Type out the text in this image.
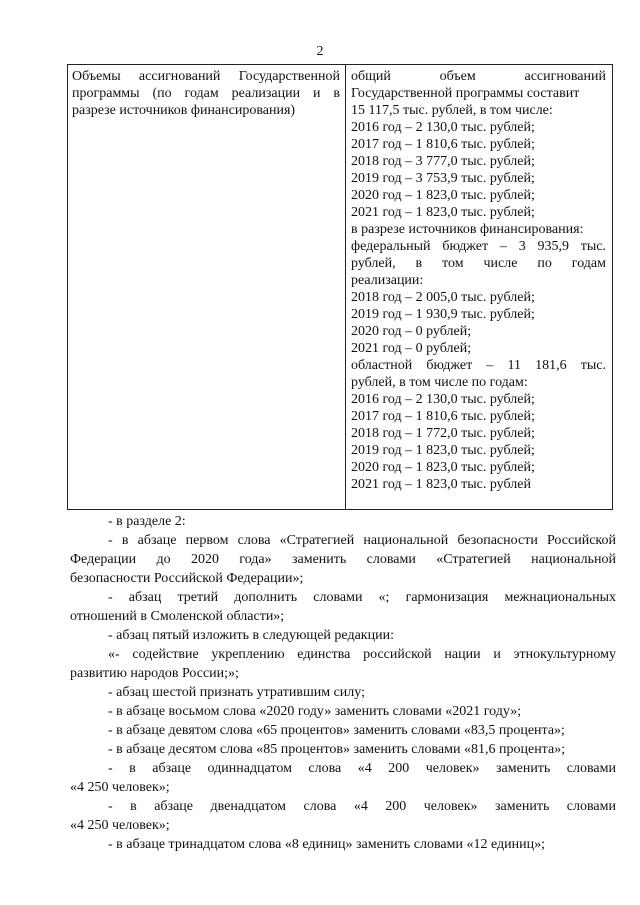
2
Объемы ассигнований Государственной программы (по годам реализации и в разрезе источников финансирования)
общий объем ассигнований
Государственной программы составит
15 117,5 тыс. рублей, в том числе:
2016 год – 2 130,0 тыс. рублей;
2017 год – 1 810,6 тыс. рублей;
2018 год – 3 777,0 тыс. рублей;
2019 год – 3 753,9 тыс. рублей;
2020 год – 1 823,0 тыс. рублей;
2021 год – 1 823,0 тыс. рублей;
в разрезе источников финансирования:
федеральный бюджет – 3 935,9 тыс.
рублей, в том числе по годам
реализации:
2018 год – 2 005,0 тыс. рублей;
2019 год – 1 930,9 тыс. рублей;
2020 год – 0 рублей;
2021 год – 0 рублей;
областной бюджет – 11 181,6 тыс.
рублей, в том числе по годам:
2016 год – 2 130,0 тыс. рублей;
2017 год – 1 810,6 тыс. рублей;
2018 год – 1 772,0 тыс. рублей;
2019 год – 1 823,0 тыс. рублей;
2020 год – 1 823,0 тыс. рублей;
2021 год – 1 823,0 тыс. рублей
- в разделе 2:
- в абзаце первом слова «Стратегией национальной безопасности Российской
Федерации до 2020 года» заменить словами «Стратегией национальной
безопасности Российской Федерации»;
- абзац третий дополнить словами «; гармонизация межнациональных
отношений в Смоленской области»;
- абзац пятый изложить в следующей редакции:
«- содействие укреплению единства российской нации и этнокультурному
развитию народов России;»;
- абзац шестой признать утратившим силу;
- в абзаце восьмом слова «2020 году» заменить словами «2021 году»;
- в абзаце девятом слова «65 процентов» заменить словами «83,5 процента»;
- в абзаце десятом слова «85 процентов» заменить словами «81,6 процента»;
- в абзаце одиннадцатом слова «4 200 человек» заменить словами
«4 250 человек»;
- в абзаце двенадцатом слова «4 200 человек» заменить словами
«4 250 человек»;
- в абзаце тринадцатом слова «8 единиц» заменить словами «12 единиц»;
